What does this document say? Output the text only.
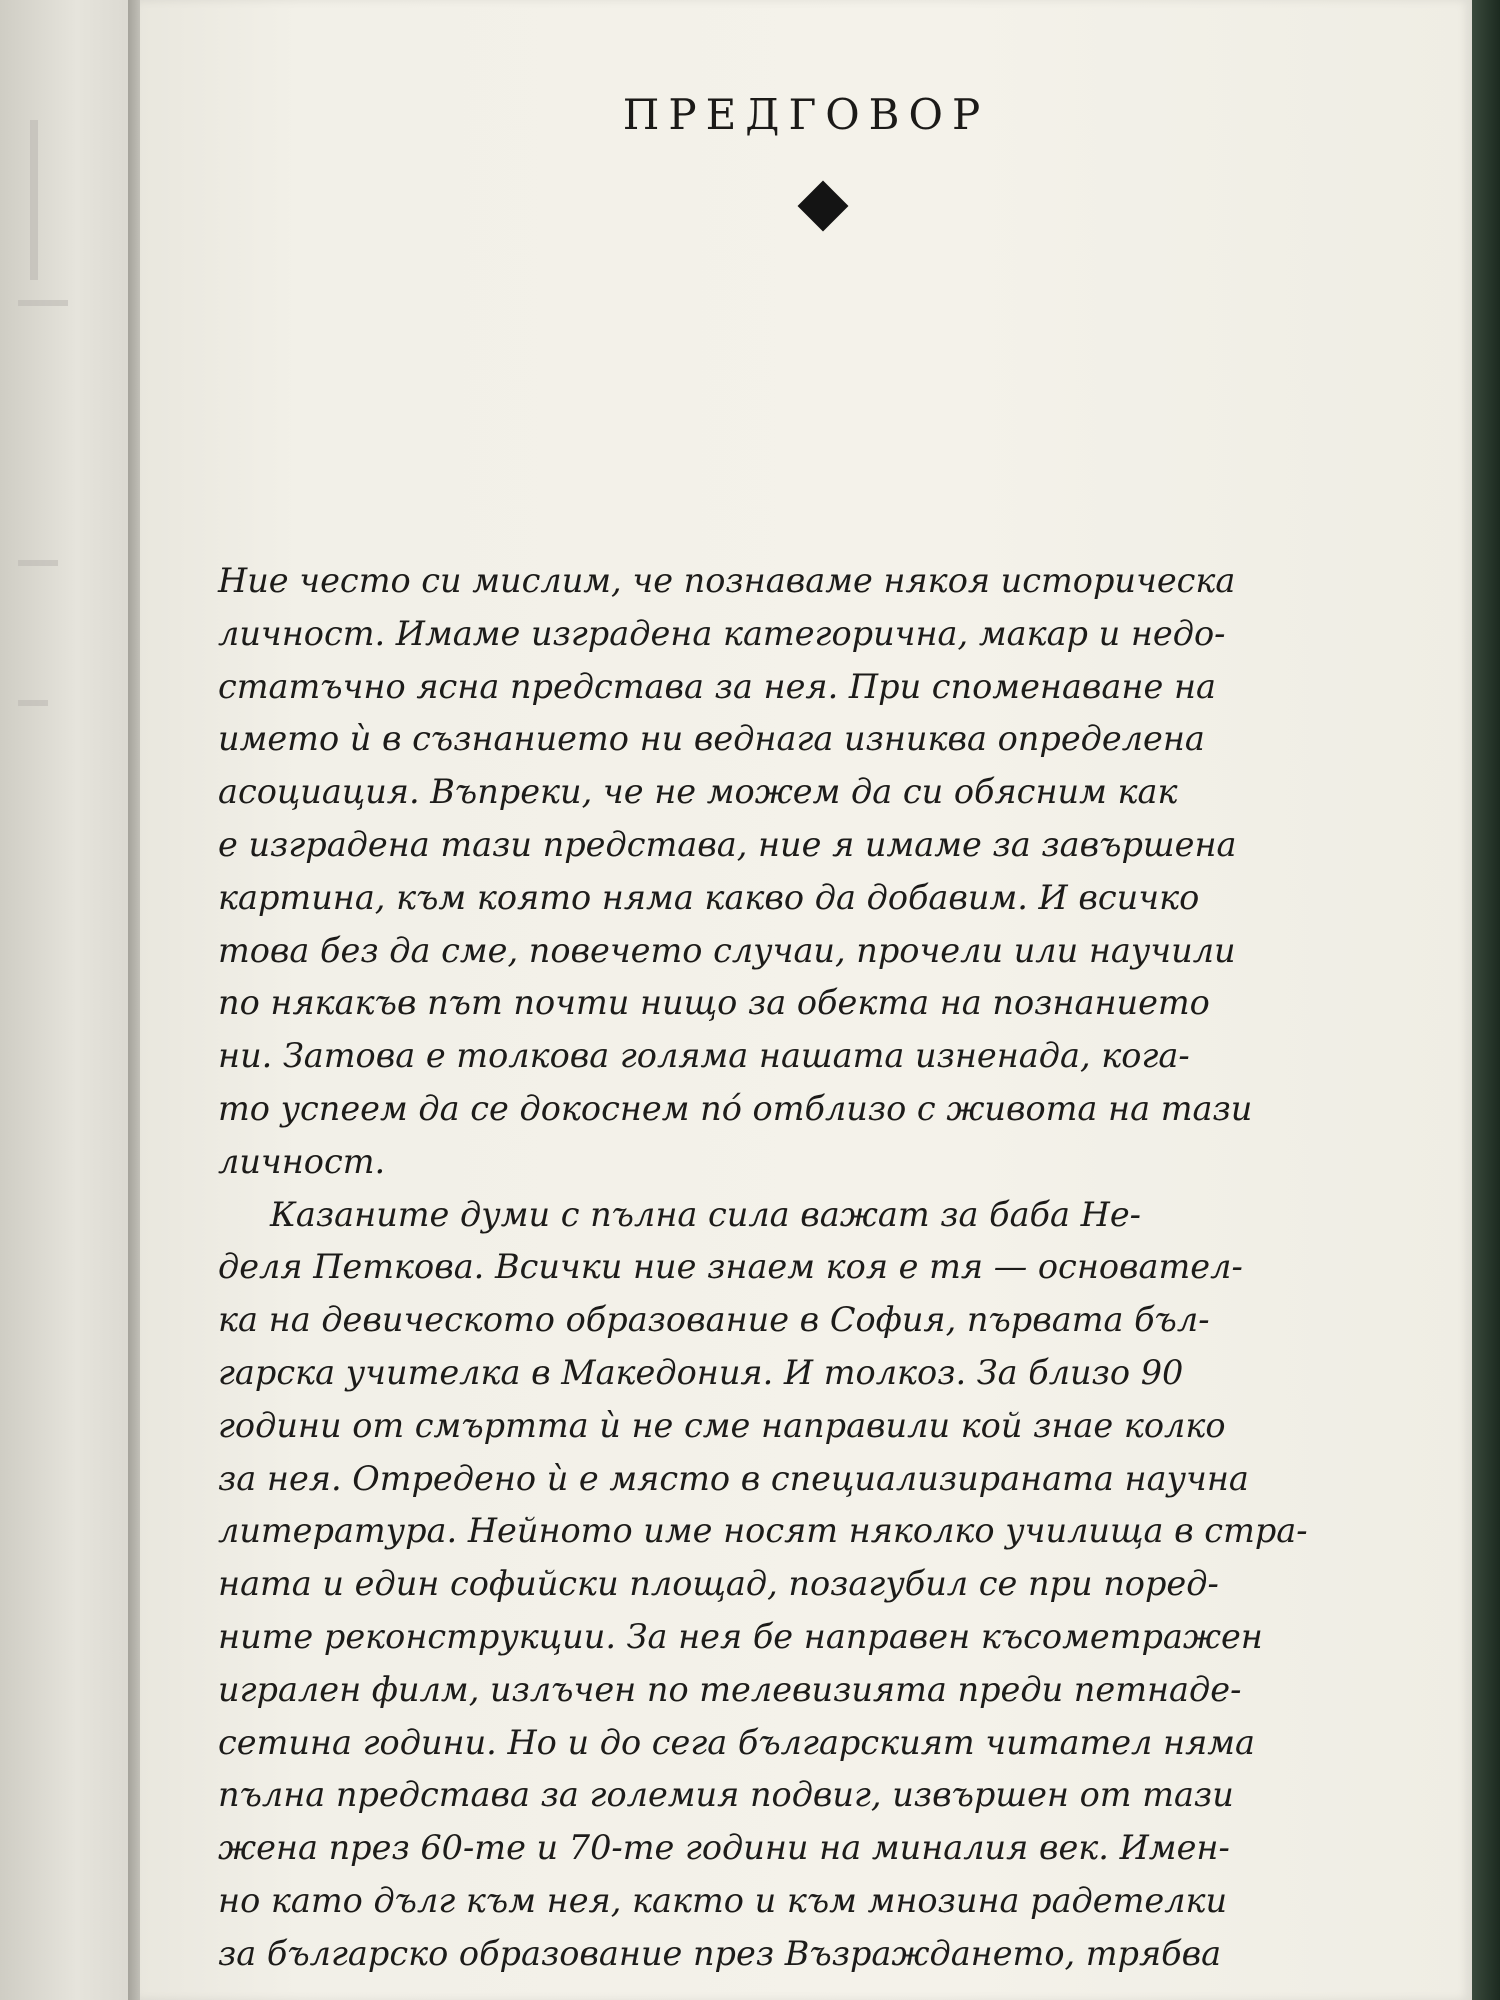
ПРЕДГОВОР

Ние често си мислим, че познаваме някоя историческа
личност. Имаме изградена категорична, макар и недо-
статъчно ясна представа за нея. При споменаване на
името ѝ в съзнанието ни веднага изниква определена
асоциация. Въпреки, че не можем да си обясним как
е изградена тази представа, ние я имаме за завършена
картина, към която няма какво да добавим. И всичко
това без да сме, повечето случаи, прочели или научили
по някакъв път почти нищо за обекта на познанието
ни. Затова е толкова голяма нашата изненада, кога-
то успеем да се докоснем по́ отблизо с живота на тази
личност.

Казаните думи с пълна сила важат за баба Не-
деля Петкова. Всички ние знаем коя е тя — основател-
ка на девическото образование в София, първата бъл-
гарска учителка в Македония. И толкоз. За близо 90
години от смъртта ѝ не сме направили кой знае колко
за нея. Отредено ѝ е място в специализираната научна
литература. Нейното име носят няколко училища в стра-
ната и един софийски площад, позагубил се при поред-
ните реконструкции. За нея бе направен късометражен
игрален филм, излъчен по телевизията преди петнаде-
сетина години. Но и до сега българският читател няма
пълна представа за големия подвиг, извършен от тази
жена през 60-те и 70-те години на миналия век. Имен-
но като дълг към нея, както и към мнозина радетелки
за българско образование през Възраждането, трябва
